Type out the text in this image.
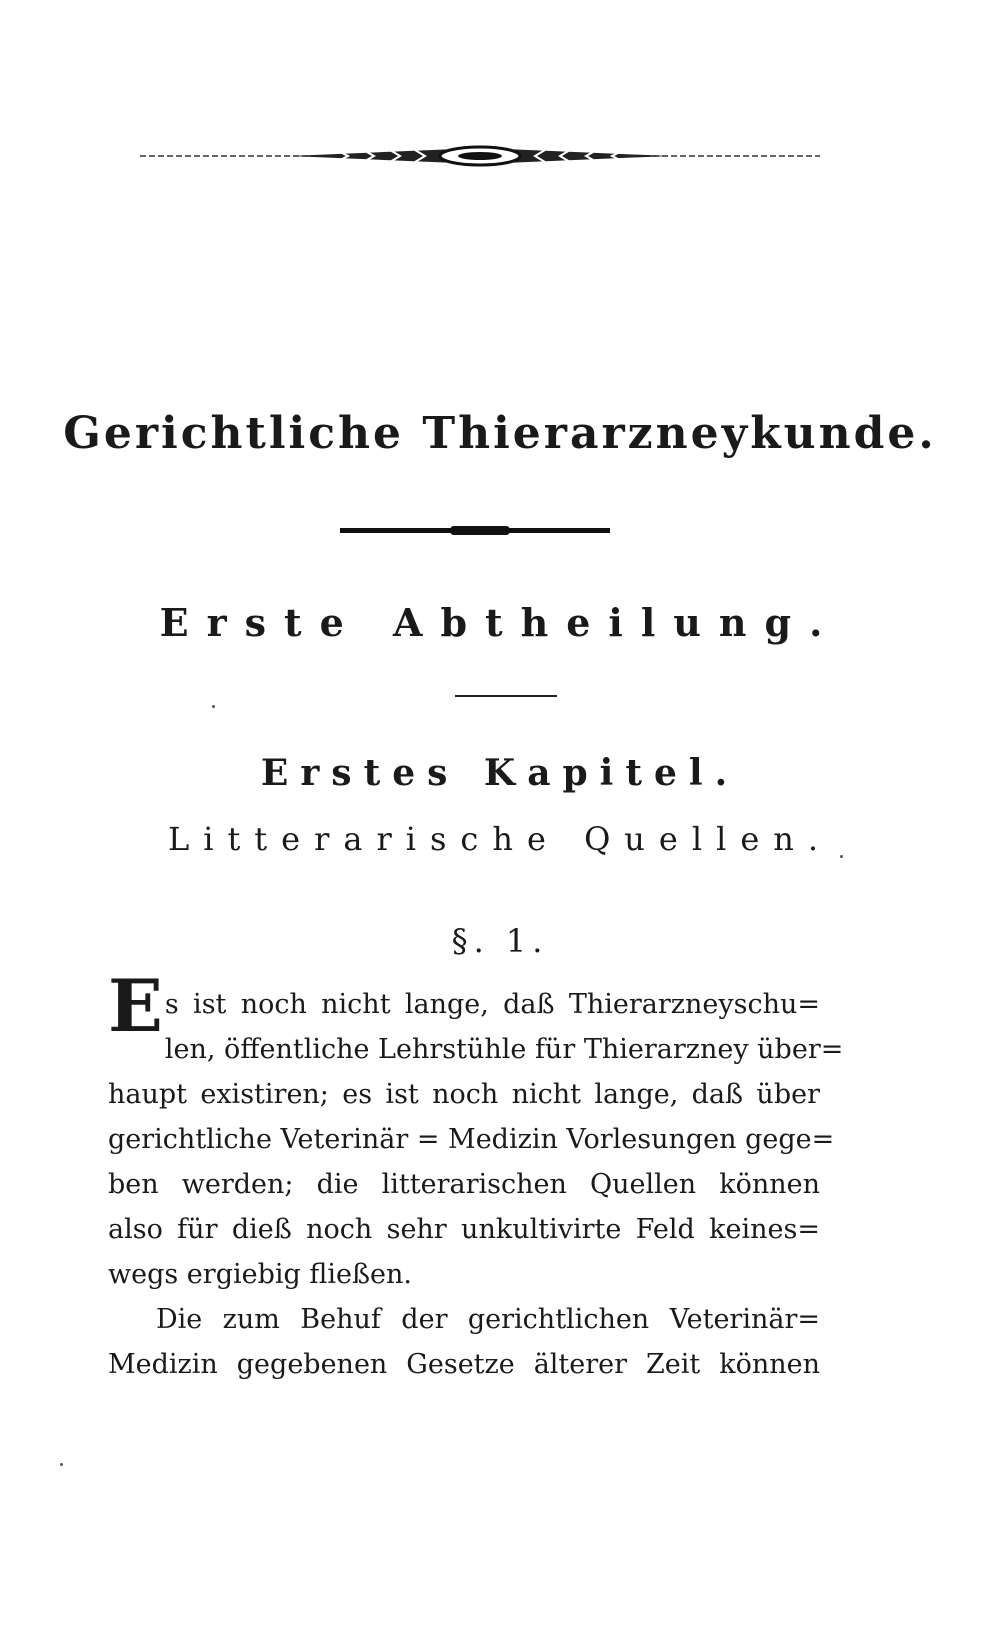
Gerichtliche Thierarzneykunde.
Erste Abtheilung.
Erstes Kapitel.
Litterarische Quellen.
§. 1.
E s ist noch nicht lange, daß Thierarzneyschu=
len, öffentliche Lehrstühle für Thierarzney über=
haupt existiren; es ist noch nicht lange, daß über
gerichtliche Veterinär = Medizin Vorlesungen gege=
ben werden; die litterarischen Quellen können
also für dieß noch sehr unkultivirte Feld keines=
wegs ergiebig fließen.
Die zum Behuf der gerichtlichen Veterinär=
Medizin gegebenen Gesetze älterer Zeit können
